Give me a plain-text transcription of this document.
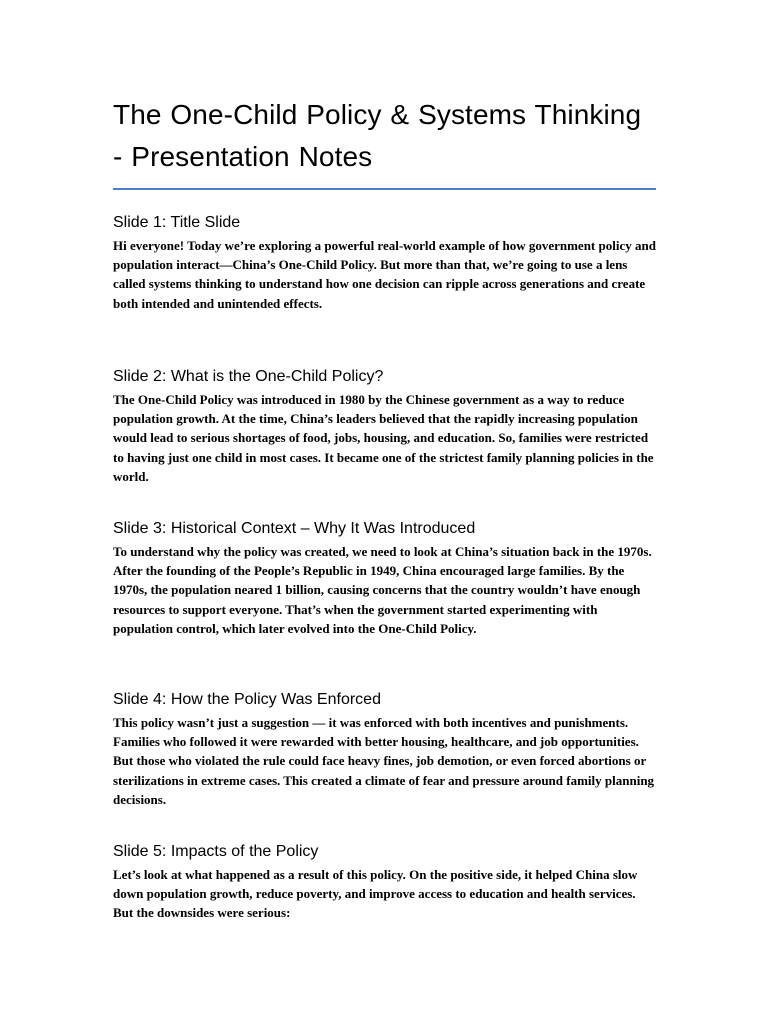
The One-Child Policy & Systems Thinking - Presentation Notes
Slide 1: Title Slide

Hi everyone! Today we’re exploring a powerful real-world example of how government policy and population interact—China’s One-Child Policy. But more than that, we’re going to use a lens called systems thinking to understand how one decision can ripple across generations and create both intended and unintended effects.

Slide 2: What is the One-Child Policy?

The One-Child Policy was introduced in 1980 by the Chinese government as a way to reduce population growth. At the time, China’s leaders believed that the rapidly increasing population would lead to serious shortages of food, jobs, housing, and education. So, families were restricted to having just one child in most cases. It became one of the strictest family planning policies in the world.

Slide 3: Historical Context – Why It Was Introduced

To understand why the policy was created, we need to look at China’s situation back in the 1970s. After the founding of the People’s Republic in 1949, China encouraged large families. By the 1970s, the population neared 1 billion, causing concerns that the country wouldn’t have enough resources to support everyone. That’s when the government started experimenting with population control, which later evolved into the One-Child Policy.

Slide 4: How the Policy Was Enforced

This policy wasn’t just a suggestion — it was enforced with both incentives and punishments. Families who followed it were rewarded with better housing, healthcare, and job opportunities. But those who violated the rule could face heavy fines, job demotion, or even forced abortions or sterilizations in extreme cases. This created a climate of fear and pressure around family planning decisions.

Slide 5: Impacts of the Policy

Let’s look at what happened as a result of this policy. On the positive side, it helped China slow down population growth, reduce poverty, and improve access to education and health services. But the downsides were serious:
